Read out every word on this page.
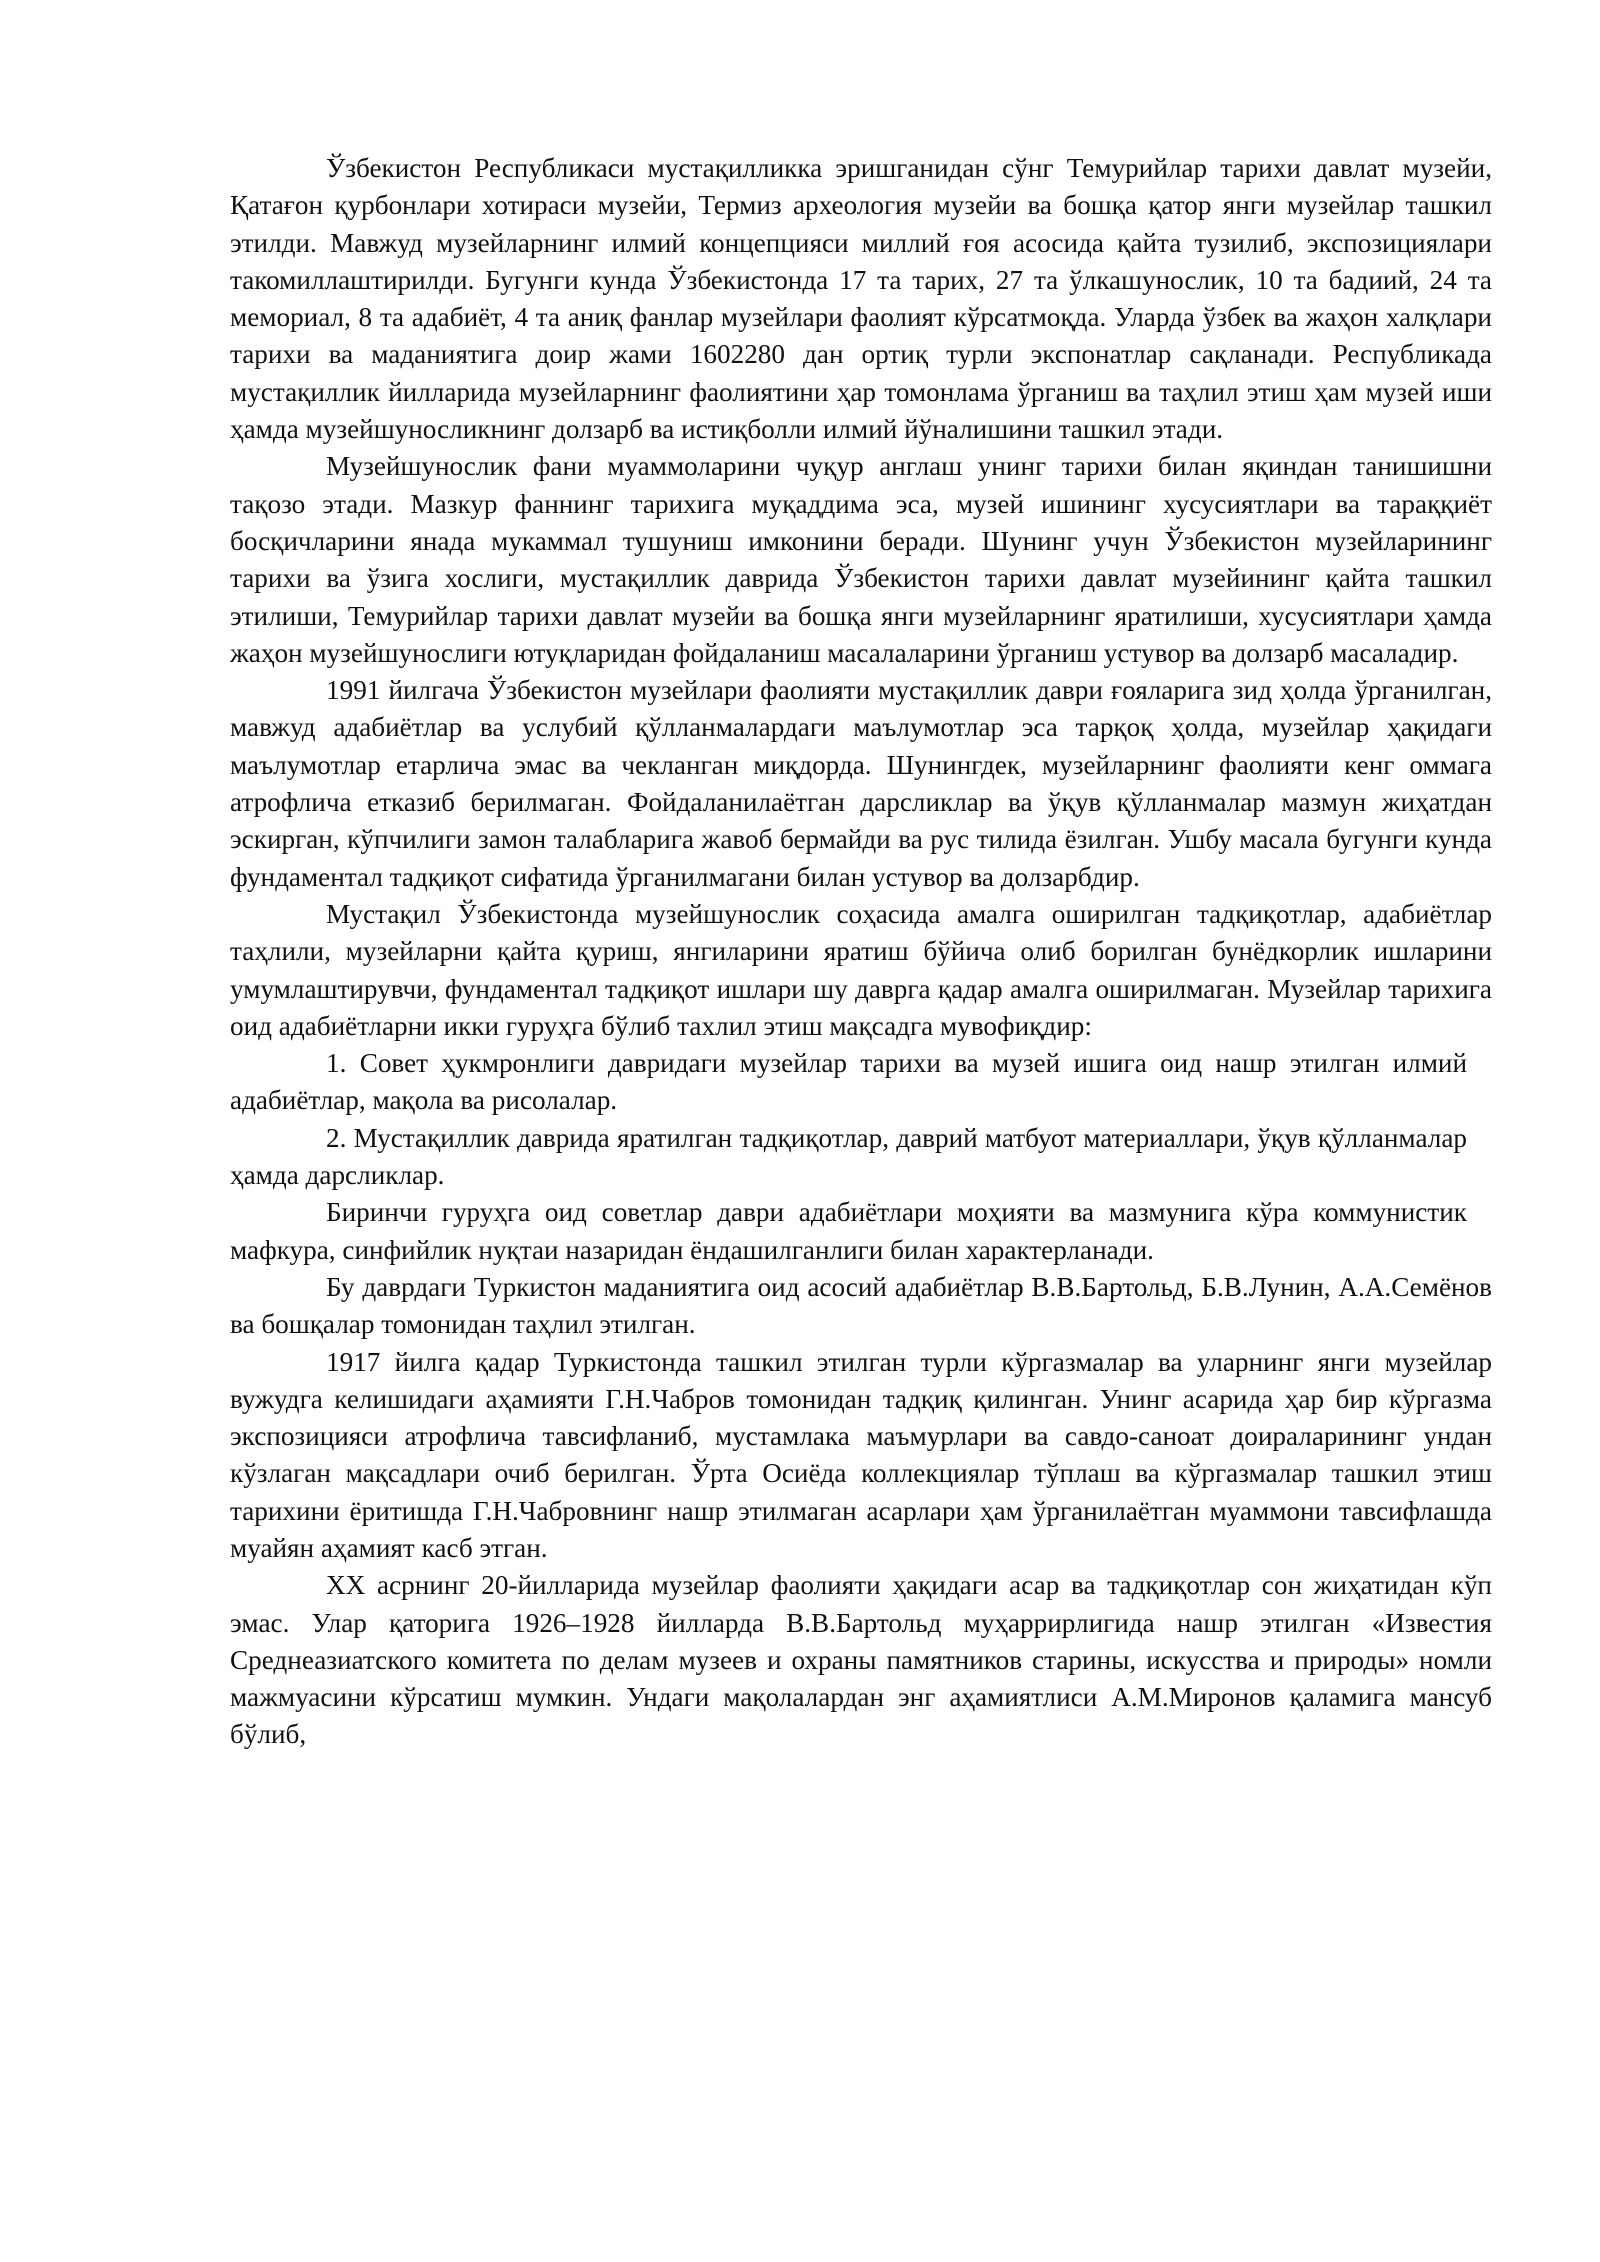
Ўзбекистон Республикаси мустақилликка эришганидан сўнг Темурийлар тарихи давлат музейи, Қатағон қурбонлари хотираси музейи, Термиз археология музейи ва бошқа қатор янги музейлар ташкил этилди. Мавжуд музейларнинг илмий концепцияси миллий ғоя асосида қайта тузилиб, экспозициялари такомиллаштирилди. Бугунги кунда Ўзбекистонда 17 та тарих, 27 та ўлкашунослик, 10 та бадиий, 24 та мемориал, 8 та адабиёт, 4 та аниқ фанлар музейлари фаолият кўрсатмоқда. Уларда ўзбек ва жаҳон халқлари тарихи ва маданиятига доир жами 1602280 дан ортиқ турли экспонатлар сақланади. Республикада мустақиллик йилларида музейларнинг фаолиятини ҳар томонлама ўрганиш ва таҳлил этиш ҳам музей иши ҳамда музейшуносликнинг долзарб ва истиқболли илмий йўналишини ташкил этади.

Музейшунослик фани муаммоларини чуқур англаш унинг тарихи билан яқиндан танишишни тақозо этади. Мазкур фаннинг тарихига муқаддима эса, музей ишининг хусусиятлари ва тараққиёт босқичларини янада мукаммал тушуниш имконини беради. Шунинг учун Ўзбекистон музейларининг тарихи ва ўзига хослиги, мустақиллик даврида Ўзбекистон тарихи давлат музейининг қайта ташкил этилиши, Темурийлар тарихи давлат музейи ва бошқа янги музейларнинг яратилиши, хусусиятлари ҳамда жаҳон музейшунослиги ютуқларидан фойдаланиш масалаларини ўрганиш устувор ва долзарб масаладир.

1991 йилгача Ўзбекистон музейлари фаолияти мустақиллик даври ғояларига зид ҳолда ўрганилган, мавжуд адабиётлар ва услубий қўлланмалардаги маълумотлар эса тарқоқ ҳолда, музейлар ҳақидаги маълумотлар етарлича эмас ва чекланган миқдорда. Шунингдек, музейларнинг фаолияти кенг оммага атрофлича етказиб берилмаган. Фойдаланилаётган дарсликлар ва ўқув қўлланмалар мазмун жиҳатдан эскирган, кўпчилиги замон талабларига жавоб бермайди ва рус тилида ёзилган. Ушбу масала бугунги кунда фундаментал тадқиқот сифатида ўрганилмагани билан устувор ва долзарбдир.

Мустақил Ўзбекистонда музейшунослик соҳасида амалга оширилган тадқиқотлар, адабиётлар таҳлили, музейларни қайта қуриш, янгиларини яратиш бўйича олиб борилган бунёдкорлик ишларини умумлаштирувчи, фундаментал тадқиқот ишлари шу даврга қадар амалга оширилмаган. Музейлар тарихига оид адабиётларни икки гуруҳга бўлиб тахлил этиш мақсадга мувофиқдир:

1. Совет ҳукмронлиги давридаги музейлар тарихи ва музей ишига оид нашр этилган илмий адабиётлар, мақола ва рисолалар.

2. Мустақиллик даврида яратилган тадқиқотлар, даврий матбуот материаллари, ўқув қўлланмалар ҳамда дарсликлар.

Биринчи гуруҳга оид советлар даври адабиётлари моҳияти ва мазмунига кўра коммунистик мафкура, синфийлик нуқтаи назаридан ёндашилганлиги билан характерланади.

Бу даврдаги Туркистон маданиятига оид асосий адабиётлар В.В.Бартольд, Б.В.Лунин, А.А.Семёнов ва бошқалар томонидан таҳлил этилган.

1917 йилга қадар Туркистонда ташкил этилган турли кўргазмалар ва уларнинг янги музейлар вужудга келишидаги аҳамияти Г.Н.Чабров томонидан тадқиқ қилинган. Унинг асарида ҳар бир кўргазма экспозицияси атрофлича тавсифланиб, мустамлака маъмурлари ва савдо-саноат доираларининг ундан кўзлаган мақсадлари очиб берилган. Ўрта Осиёда коллекциялар тўплаш ва кўргазмалар ташкил этиш тарихини ёритишда Г.Н.Чабровнинг нашр этилмаган асарлари ҳам ўрганилаётган муаммони тавсифлашда муайян аҳамият касб этган.

ХХ асрнинг 20-йилларида музейлар фаолияти ҳақидаги асар ва тадқиқотлар сон жиҳатидан кўп эмас. Улар қаторига 1926–1928 йилларда В.В.Бартольд муҳаррирлигида нашр этилган «Известия Среднеазиатского комитета по делам музеев и охраны памятников старины, искусства и природы» номли мажмуасини кўрсатиш мумкин. Ундаги мақолалардан энг аҳамиятлиси А.М.Миронов қаламига мансуб бўлиб,
